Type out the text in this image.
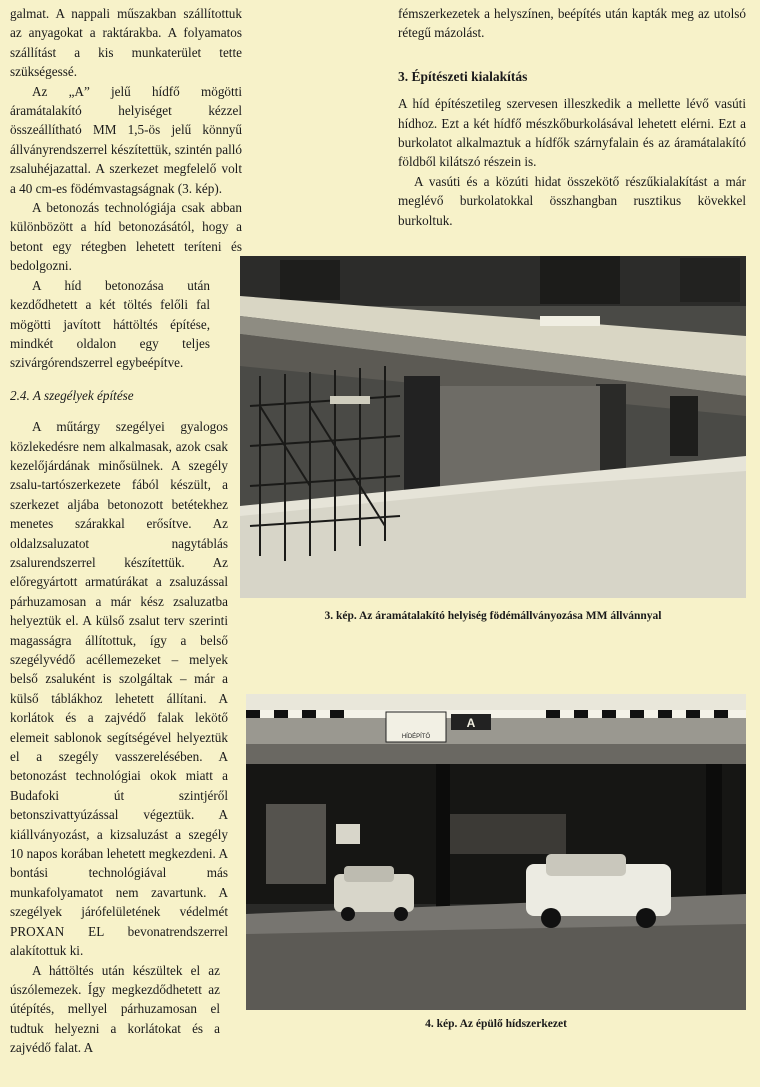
galmat. A nappali műszakban szállítottuk az anyagokat a raktárakba. A folyamatos szállítást a kis munkaterület tette szükségessé.

Az „A” jelű hídfő mögötti áramátalakító helyiséget kézzel összeállítható MM 1,5-ös jelű könnyű állványrendszerrel készítettük, szintén palló zsaluhéjazattal. A szerkezet megfelelő volt a 40 cm-es födémvastagságnak (3. kép).

A betonozás technológiája csak abban különbözött a híd betonozásától, hogy a betont egy rétegben lehetett teríteni és bedolgozni.

A híd betonozása után kezdődhetett a két töltés felőli fal mögötti javított háttöltés építése, mindkét oldalon egy teljes szivárgórendszerrel egybeépítve.

2.4. A szegélyek építése

A műtárgy szegélyei gyalogos közlekedésre nem alkalmasak, azok csak kezelőjárdának minősülnek. A szegély zsalu-tartószerkezete fából készült, a szerkezet aljába betonozott betétekhez menetes szárakkal erősítve. Az oldalzsaluzatot nagytáblás zsalurendszerrel készítettük. Az előregyártott armatúrákat a zsaluzással párhuzamosan a már kész zsaluzatba helyeztük el. A külső zsalut terv szerinti magasságra állítottuk, így a belső szegélyvédő acéllemezeket – melyek belső zsaluként is szolgáltak – már a külső táblákhoz lehetett állítani. A korlátok és a zajvédő falak lekötő elemeit sablonok segítségével helyeztük el a szegély vasszerelésében. A betonozást technológiai okok miatt a Budafoki út szintjéről betonszivattyúzással végeztük. A kiállványozást, a kizsaluzást a szegély 10 napos korában lehetett megkezdeni. A bontási technológiával más munkafolyamatot nem zavartunk. A szegélyek járófelületének védelmét PROXAN EL bevonatrendszerrel alakítottuk ki.

A háttöltés után készültek el az úszólemezek. Így megkezdődhetett az útépítés, mellyel párhuzamosan el tudtuk helyezni a korlátokat és a zajvédő falat. A

fémszerkezetek a helyszínen, beépítés után kapták meg az utolsó rétegű mázolást.

3. Építészeti kialakítás

A híd építészetileg szervesen illeszkedik a mellette lévő vasúti hídhoz. Ezt a két hídfő mészkőburkolásával lehetett elérni. Ezt a burkolatot alkalmaztuk a hídfők szárnyfalain és az áramátalakító földből kilátszó részein is.

A vasúti és a közúti hidat összekötő részűkialakítást a már meglévő burkolatokkal összhangban rusztikus kövekkel burkoltuk.

3. kép. Az áramátalakító helyiség födémállványozása MM állvánnyal
HÍDÉPÍTŐ
A
4. kép. Az épülő hídszerkezet
